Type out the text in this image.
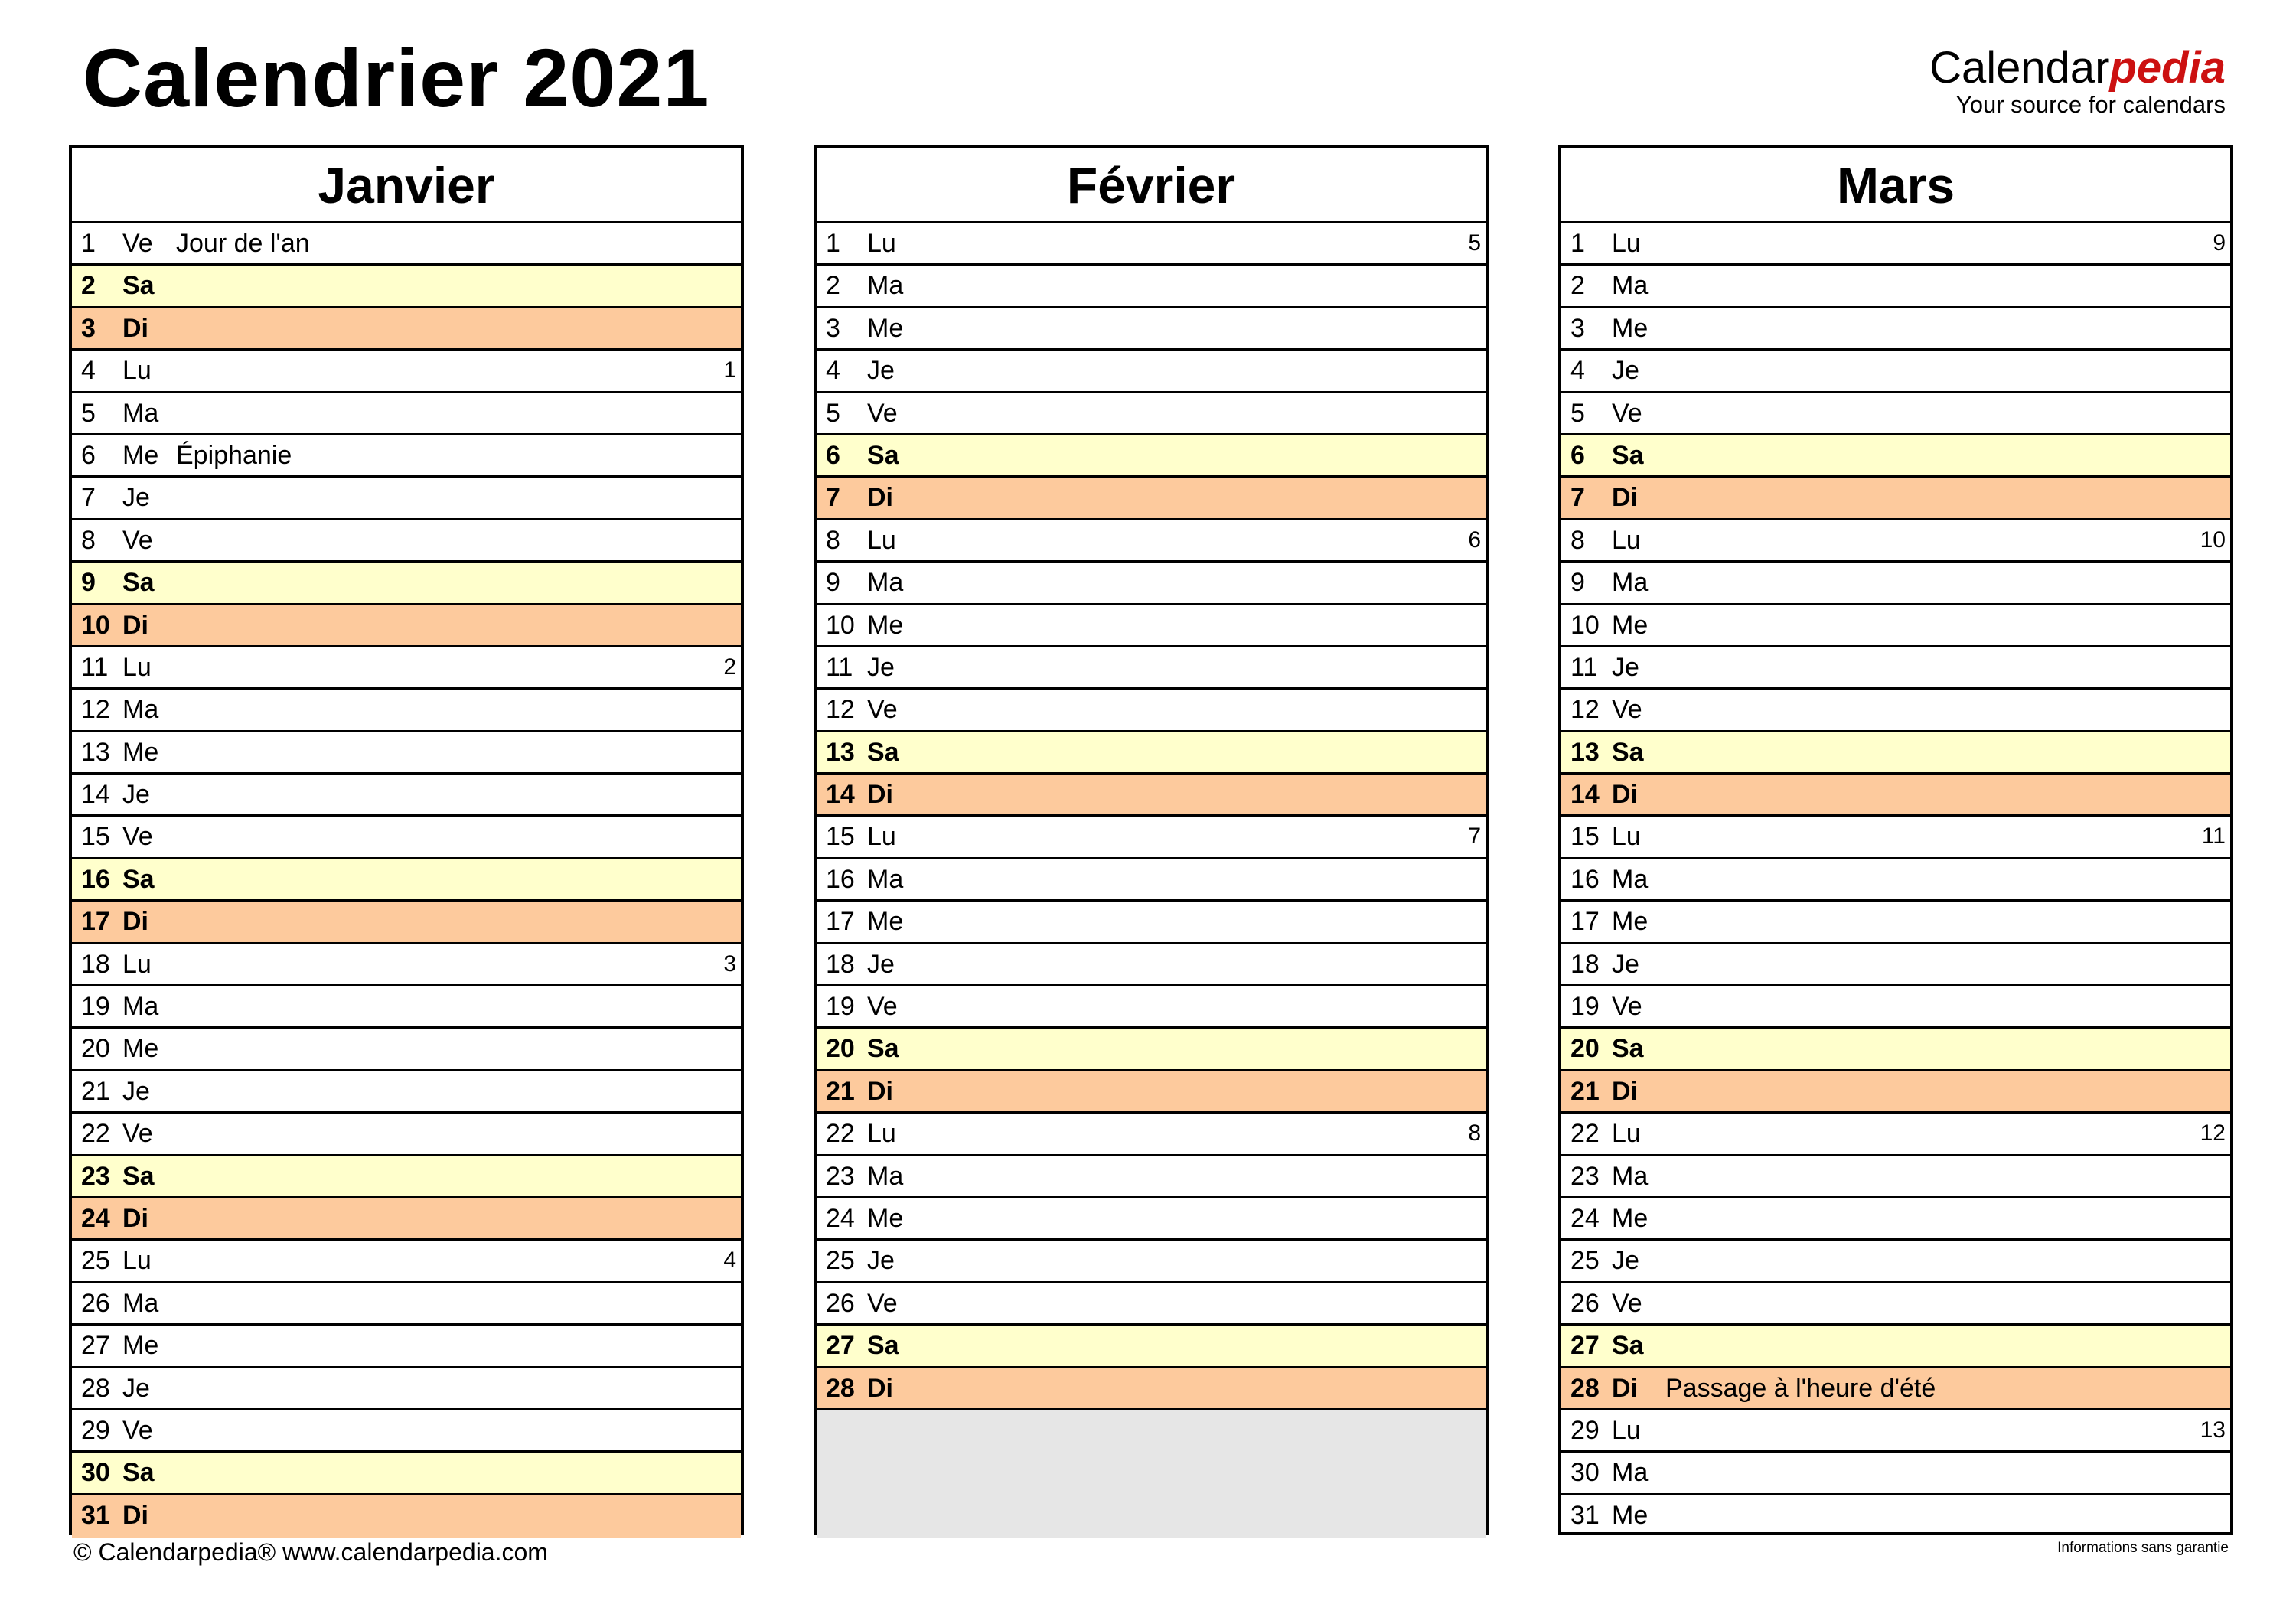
Calendrier 2021	Calendarpedia
Your source for calendars
Janvier
1 Ve Jour de l'an
2 Sa
3 Di
4 Lu	1
5 Ma
6 Me Épiphanie
7 Je
8 Ve
9 Sa
10 Di
11 Lu	2
12 Ma
13 Me
14 Je
15 Ve
16 Sa
17 Di
18 Lu	3
19 Ma
20 Me
21 Je
22 Ve
23 Sa
24 Di
25 Lu	4
26 Ma
27 Me
28 Je
29 Ve
30 Sa
31 Di
Février
1 Lu	5
2 Ma
3 Me
4 Je
5 Ve
6 Sa
7 Di
8 Lu	6
9 Ma
10 Me
11 Je
12 Ve
13 Sa
14 Di
15 Lu	7
16 Ma
17 Me
18 Je
19 Ve
20 Sa
21 Di
22 Lu	8
23 Ma
24 Me
25 Je
26 Ve
27 Sa
28 Di
Mars
1 Lu	9
2 Ma
3 Me
4 Je
5 Ve
6 Sa
7 Di
8 Lu	10
9 Ma
10 Me
11 Je
12 Ve
13 Sa
14 Di
15 Lu	11
16 Ma
17 Me
18 Je
19 Ve
20 Sa
21 Di
22 Lu	12
23 Ma
24 Me
25 Je
26 Ve
27 Sa
28 Di Passage à l'heure d'été
29 Lu	13
30 Ma
31 Me
© Calendarpedia® www.calendarpedia.com	Informations sans garantie
